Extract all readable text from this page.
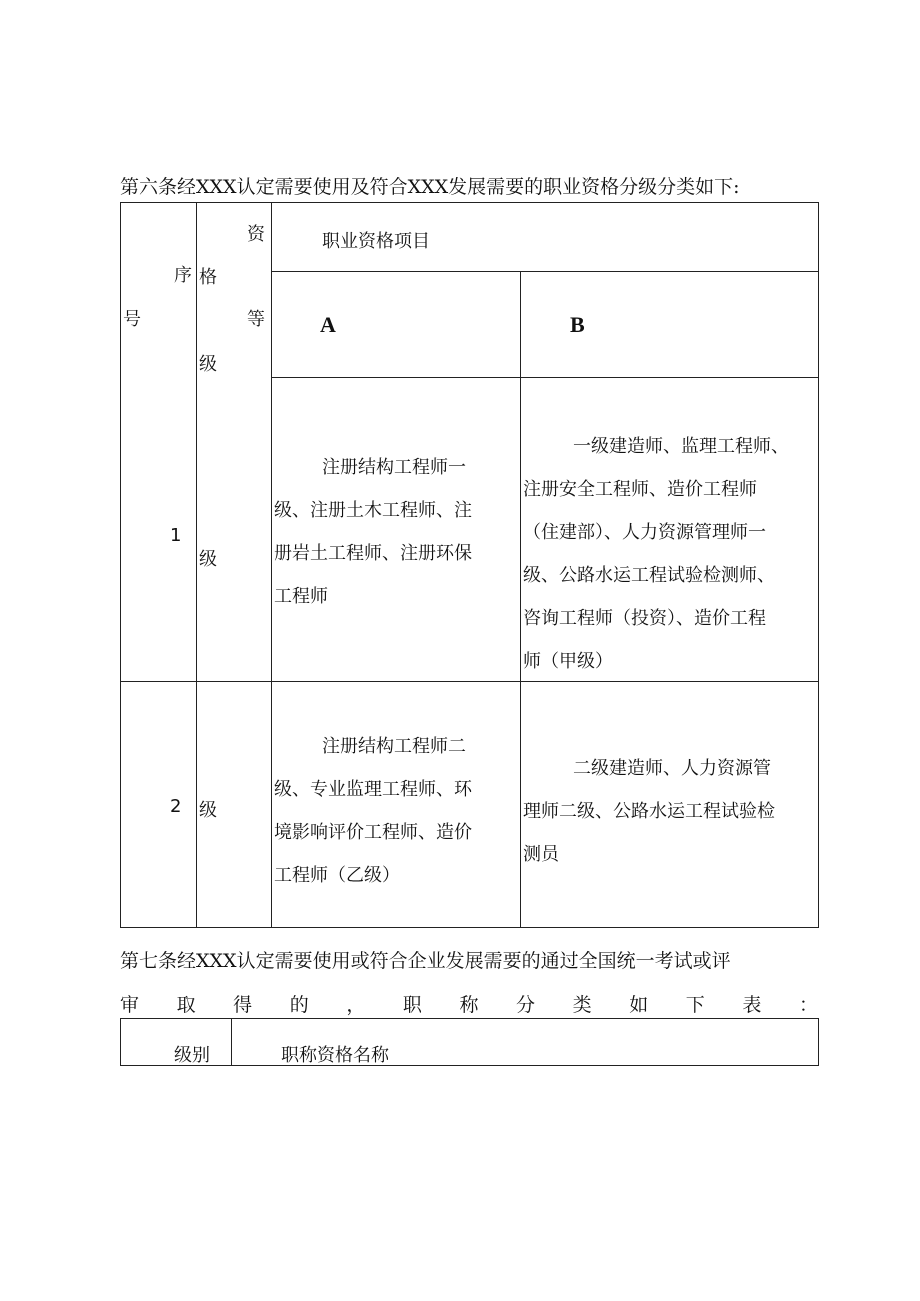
第六条经XXX认定需要使用及符合XXX发展需要的职业资格分级分类如下:
序
号
资
格
等
级
职业资格项目
A	B
1
级
注册结构工程师一
级、注册土木工程师、注
册岩土工程师、注册环保
工程师
一级建造师、监理工程师、
注册安全工程师、造价工程师
（住建部）、人力资源管理师一
级、公路水运工程试验检测师、
咨询工程师（投资）、造价工程
师（甲级）
2 级
注册结构工程师二
级、专业监理工程师、环
境影响评价工程师、造价
工程师（乙级）
二级建造师、人力资源管
理师二级、公路水运工程试验检
测员
第七条经XXX认定需要使用或符合企业发展需要的通过全国统一考试或评
审 取 得 的 ， 职 称 分 类 如 下 表 ：
级别	职称资格名称
